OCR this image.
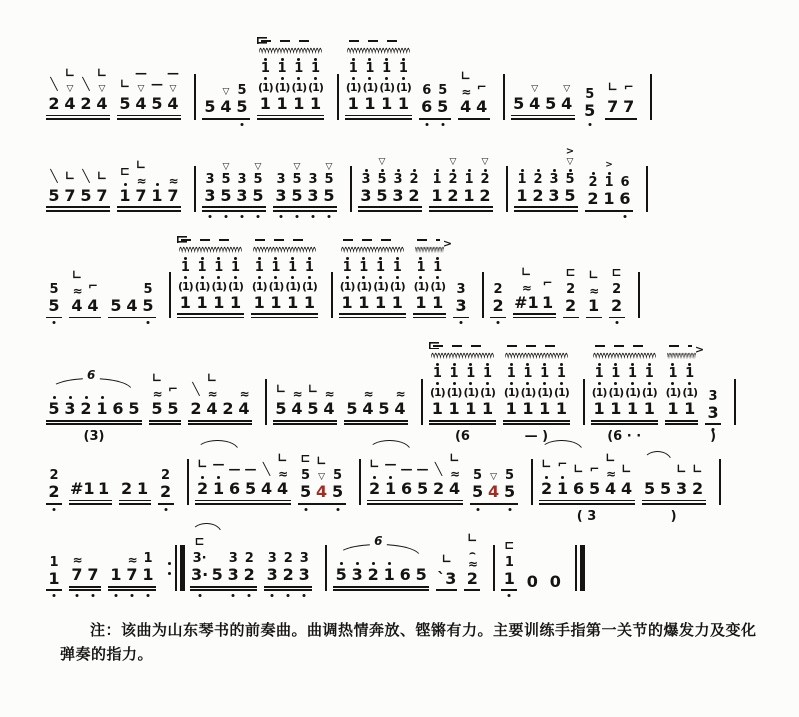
╲
2
∟
▽
4
╲
2
∟
▽
4
∟
5
—
▽
4
—
5
—
▽
4 5
▽
4
5
5
1
(1)
1
1
(1)
1
1
(1)
1
1
(1)
1
1
(1)
1
1
(1)
1
1
(1)
1
1
(1)
1
6
6
5
5
∟
≈
4
⌐
4 5
▽
4 5
▽
4 5
5
∟
7
⌐
7
╲
5
∟
7
╲
5
∟
7
⊏
1
∟
≈
7 1
≈
7
3
3
▽
5
5
3
3
▽
5
5
3
3
▽
5
5
3
3
▽
5
5
3
3
▽
5
5
3
3
2
2
1
1
▽
2
2
1
1
▽
2
2
1
1
2
2
3
3
>
▽
5
5
2
2
>
1
1
6
6
5
5
∟
≈
4
⌐
4 5 4
5
5
1
(1)
1
1
(1)
1
1
(1)
1
1
(1)
1
1
(1)
1
1
(1)
1
1
(1)
1
1
(1)
1
1
(1)
1
1
(1)
1
1
(1)
1
1
(1)
1
>
1
(1)
1
1
(1)
1
3
3
2
2
∟
≈
#1
⌐
1
⊏
2
2
∟
≈
1
⊏
2
2
5 3 2 1 6 5
6
(3)
∟
≈
5
⌐
5
╲
2
∟
≈
4 2
≈
4
∟
5
≈
4
∟
5
≈
4 5
≈
4 5
≈
4
1
(1)
1
1
(1)
1
1
(1)
1
1
(1)
1
(6
1
(1)
1
1
(1)
1
1
(1)
1
1
(1)
1
— )
1
(1)
1
1
(1)
1
1
(1)
1
1
(1)
1
(6 · ·
>
1
(1)
1
1
(1)
1
3
3
)
2
2 #1 1 2 1
2
2
∟
2
—
1
—
6
—
5
╲
4
∟
≈
4
⊏
5
5
∟
▽
4
5
5
∟
2
—
1
—
6
—
5
╲
2
∟
≈
4
5
5
▽
4
5
5
∟
2
⌐
1
∟
6
⌐
5
∟
≈
4
∟
4
( 3
5 5
∟
3
∟
2
)
1
1
≈
7 7 1
≈
7
1
1
⊏
3·
3· 5
3
3
2
2
3
3
2
2
3
3 5 3 2 1 6 5
6
∟
`3
∟
⌢
≈
2
⊏
1
1 0 0

注：该曲为山东琴书的前奏曲。曲调热情奔放、铿锵有力。主要训练手指第一关节的爆发力及变化弹奏的指力。
